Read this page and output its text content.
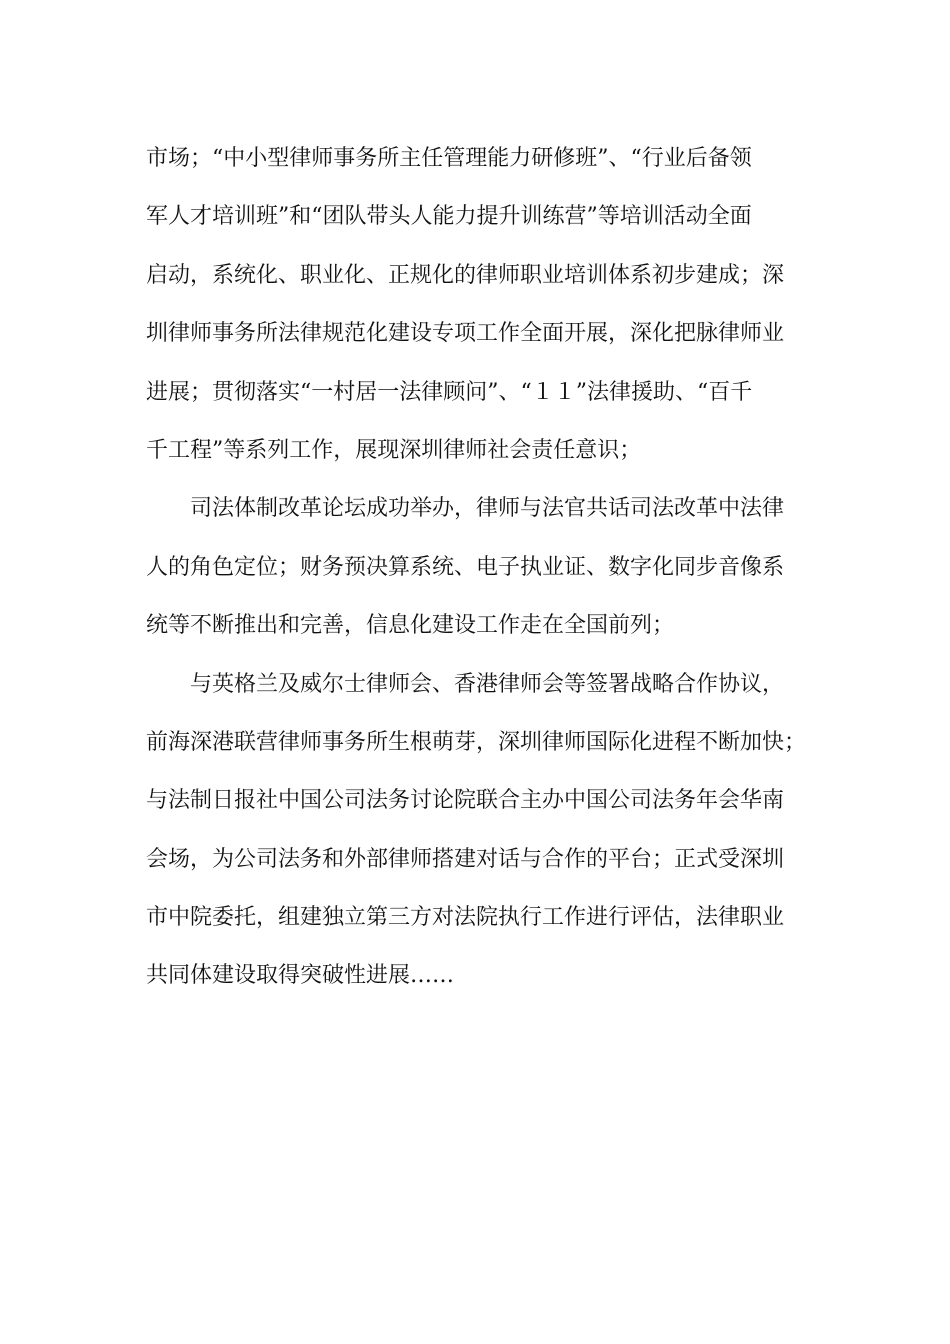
市场；“中小型律师事务所主任管理能力研修班”、“行业后备领
军人才培训班”和“团队带头人能力提升训练营”等培训活动全面
启动，系统化、职业化、正规化的律师职业培训体系初步建成；深
圳律师事务所法律规范化建设专项工作全面开展，深化把脉律师业
进展；贯彻落实“一村居一法律顾问”、“１１”法律援助、“百千
千工程”等系列工作，展现深圳律师社会责任意识；
司法体制改革论坛成功举办，律师与法官共话司法改革中法律
人的角色定位；财务预决算系统、电子执业证、数字化同步音像系
统等不断推出和完善，信息化建设工作走在全国前列；
与英格兰及威尔士律师会、香港律师会等签署战略合作协议，
前海深港联营律师事务所生根萌芽，深圳律师国际化进程不断加快；
与法制日报社中国公司法务讨论院联合主办中国公司法务年会华南
会场，为公司法务和外部律师搭建对话与合作的平台；正式受深圳
市中院委托，组建独立第三方对法院执行工作进行评估，法律职业
共同体建设取得突破性进展……
